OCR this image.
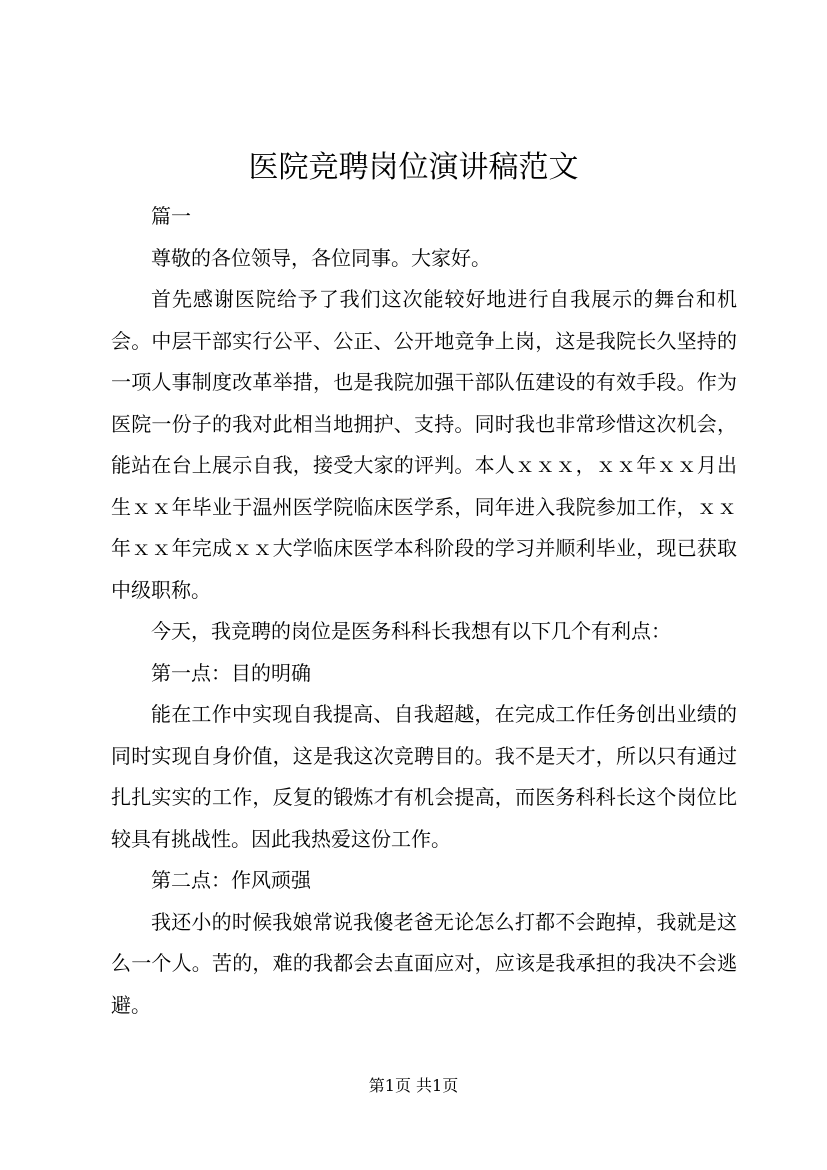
医院竞聘岗位演讲稿范文

篇一

尊敬的各位领导，各位同事。大家好。

首先感谢医院给予了我们这次能较好地进行自我展示的舞台和机会。中层干部实行公平、公正、公开地竞争上岗，这是我院长久坚持的一项人事制度改革举措，也是我院加强干部队伍建设的有效手段。作为医院一份子的我对此相当地拥护、支持。同时我也非常珍惜这次机会，能站在台上展示自我，接受大家的评判。本人ｘｘｘ，ｘｘ年ｘｘ月出生ｘｘ年毕业于温州医学院临床医学系，同年进入我院参加工作，ｘｘ年ｘｘ年完成ｘｘ大学临床医学本科阶段的学习并顺利毕业，现已获取中级职称。

今天，我竞聘的岗位是医务科科长我想有以下几个有利点：

第一点：目的明确

能在工作中实现自我提高、自我超越，在完成工作任务创出业绩的同时实现自身价值，这是我这次竞聘目的。我不是天才，所以只有通过扎扎实实的工作，反复的锻炼才有机会提高，而医务科科长这个岗位比较具有挑战性。因此我热爱这份工作。

第二点：作风顽强

我还小的时候我娘常说我傻老爸无论怎么打都不会跑掉，我就是这么一个人。苦的，难的我都会去直面应对，应该是我承担的我决不会逃避。

第1页 共1页
